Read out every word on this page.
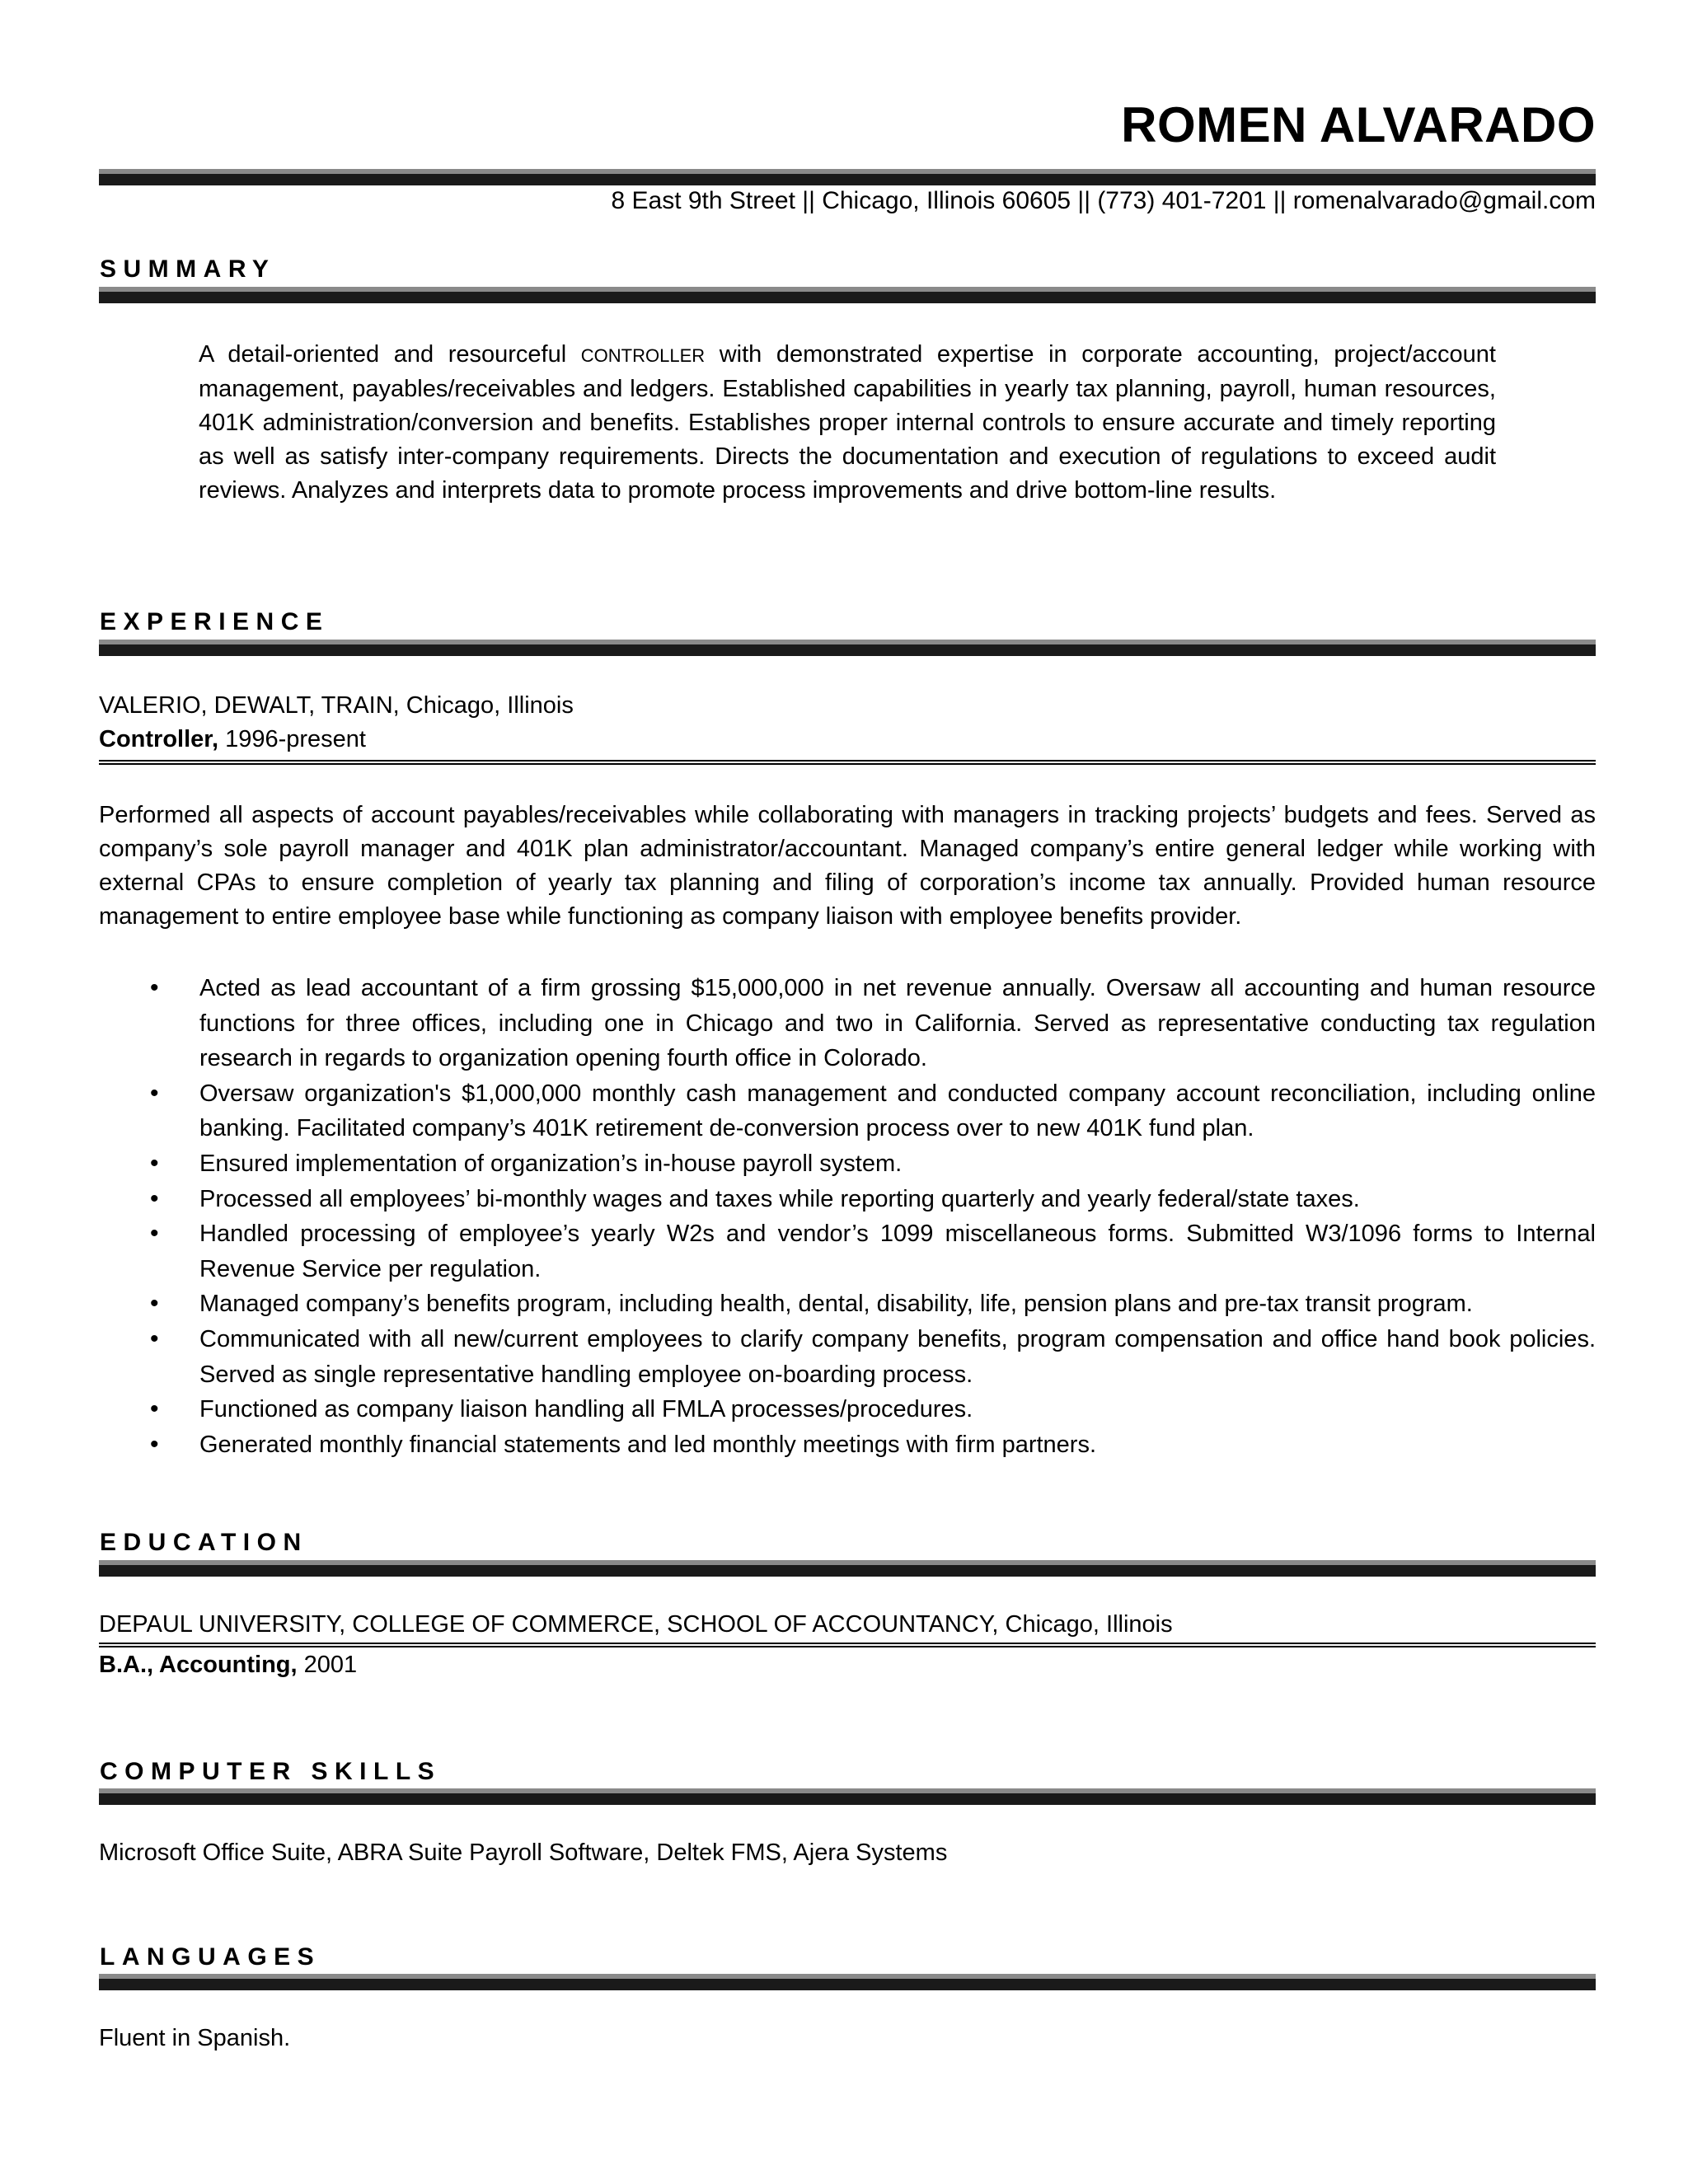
ROMEN ALVARADO
8 East 9th Street || Chicago, Illinois 60605 || (773) 401-7201 || romenalvarado@gmail.com
SUMMARY
A detail-oriented and resourceful CONTROLLER with demonstrated expertise in corporate accounting, project/account management, payables/receivables and ledgers. Established capabilities in yearly tax planning, payroll, human resources, 401K administration/conversion and benefits. Establishes proper internal controls to ensure accurate and timely reporting as well as satisfy inter-company requirements. Directs the documentation and execution of regulations to exceed audit reviews. Analyzes and interprets data to promote process improvements and drive bottom-line results.
EXPERIENCE
VALERIO, DEWALT, TRAIN, Chicago, Illinois
Controller, 1996-present
Performed all aspects of account payables/receivables while collaborating with managers in tracking projects’ budgets and fees. Served as company’s sole payroll manager and 401K plan administrator/accountant. Managed company’s entire general ledger while working with external CPAs to ensure completion of yearly tax planning and filing of corporation’s income tax annually. Provided human resource management to entire employee base while functioning as company liaison with employee benefits provider.
• Acted as lead accountant of a firm grossing $15,000,000 in net revenue annually. Oversaw all accounting and human resource functions for three offices, including one in Chicago and two in California. Served as representative conducting tax regulation research in regards to organization opening fourth office in Colorado.
• Oversaw organization's $1,000,000 monthly cash management and conducted company account reconciliation, including online banking. Facilitated company’s 401K retirement de-conversion process over to new 401K fund plan.
• Ensured implementation of organization’s in-house payroll system.
• Processed all employees’ bi-monthly wages and taxes while reporting quarterly and yearly federal/state taxes.
• Handled processing of employee’s yearly W2s and vendor’s 1099 miscellaneous forms. Submitted W3/1096 forms to Internal Revenue Service per regulation.
• Managed company’s benefits program, including health, dental, disability, life, pension plans and pre-tax transit program.
• Communicated with all new/current employees to clarify company benefits, program compensation and office hand book policies. Served as single representative handling employee on-boarding process.
• Functioned as company liaison handling all FMLA processes/procedures.
• Generated monthly financial statements and led monthly meetings with firm partners.
EDUCATION
DEPAUL UNIVERSITY, COLLEGE OF COMMERCE, SCHOOL OF ACCOUNTANCY, Chicago, Illinois
B.A., Accounting, 2001
COMPUTER SKILLS
Microsoft Office Suite, ABRA Suite Payroll Software, Deltek FMS, Ajera Systems
LANGUAGES
Fluent in Spanish.
